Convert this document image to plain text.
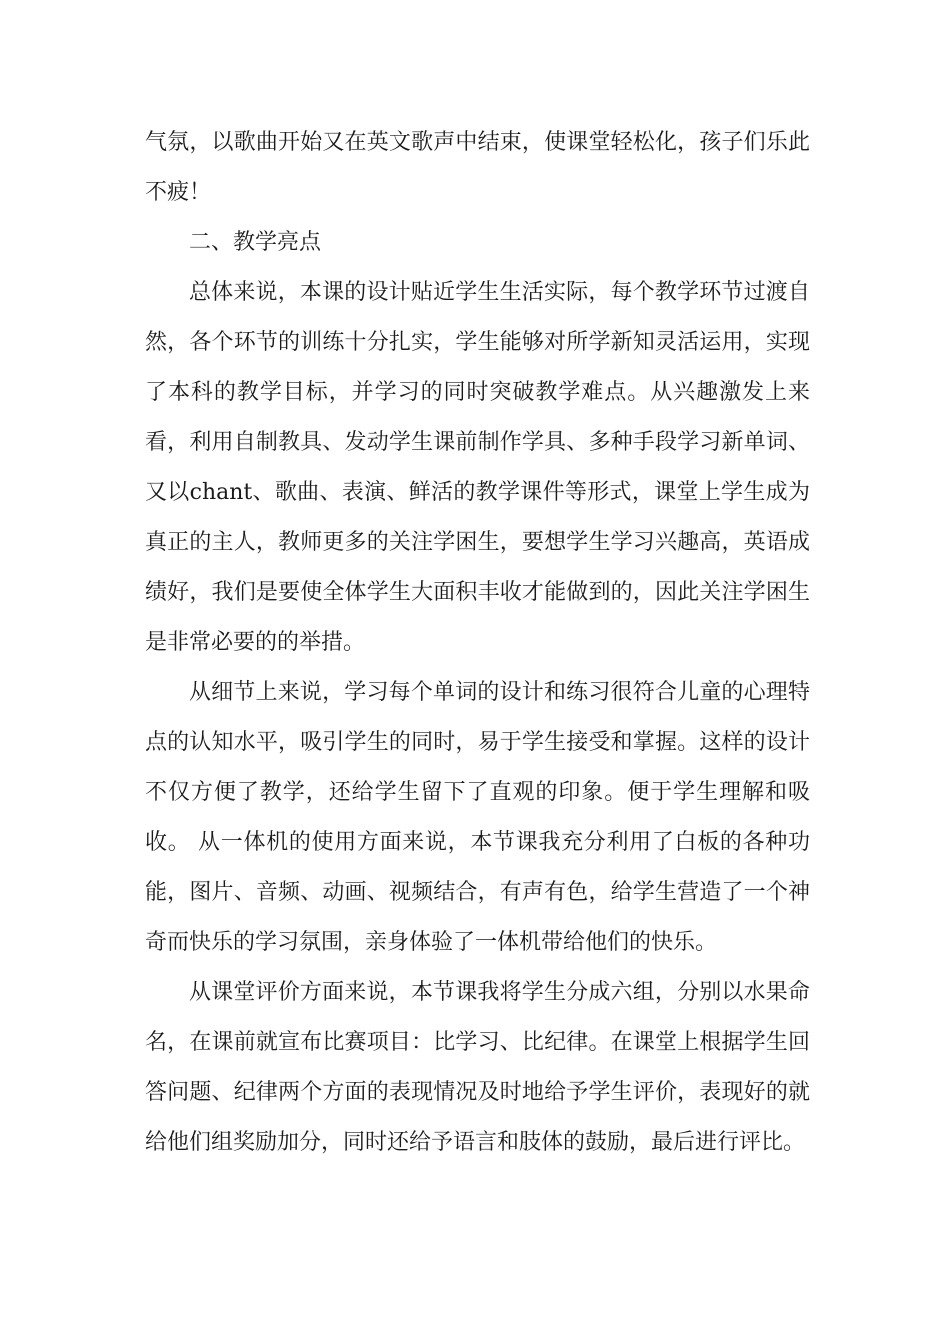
气氛，以歌曲开始又在英文歌声中结束，使课堂轻松化，孩子们乐此不疲！

二、教学亮点

总体来说，本课的设计贴近学生生活实际，每个教学环节过渡自然，各个环节的训练十分扎实，学生能够对所学新知灵活运用，实现了本科的教学目标，并学习的同时突破教学难点。从兴趣激发上来看，利用自制教具、发动学生课前制作学具、多种手段学习新单词、又以chant、歌曲、表演、鲜活的教学课件等形式，课堂上学生成为真正的主人，教师更多的关注学困生，要想学生学习兴趣高，英语成绩好，我们是要使全体学生大面积丰收才能做到的，因此关注学困生是非常必要的的举措。

从细节上来说，学习每个单词的设计和练习很符合儿童的心理特点的认知水平，吸引学生的同时，易于学生接受和掌握。这样的设计不仅方便了教学，还给学生留下了直观的印象。便于学生理解和吸收。 从一体机的使用方面来说，本节课我充分利用了白板的各种功能，图片、音频、动画、视频结合，有声有色，给学生营造了一个神奇而快乐的学习氛围，亲身体验了一体机带给他们的快乐。

从课堂评价方面来说，本节课我将学生分成六组，分别以水果命名，在课前就宣布比赛项目：比学习、比纪律。在课堂上根据学生回答问题、纪律两个方面的表现情况及时地给予学生评价，表现好的就给他们组奖励加分，同时还给予语言和肢体的鼓励，最后进行评比。
